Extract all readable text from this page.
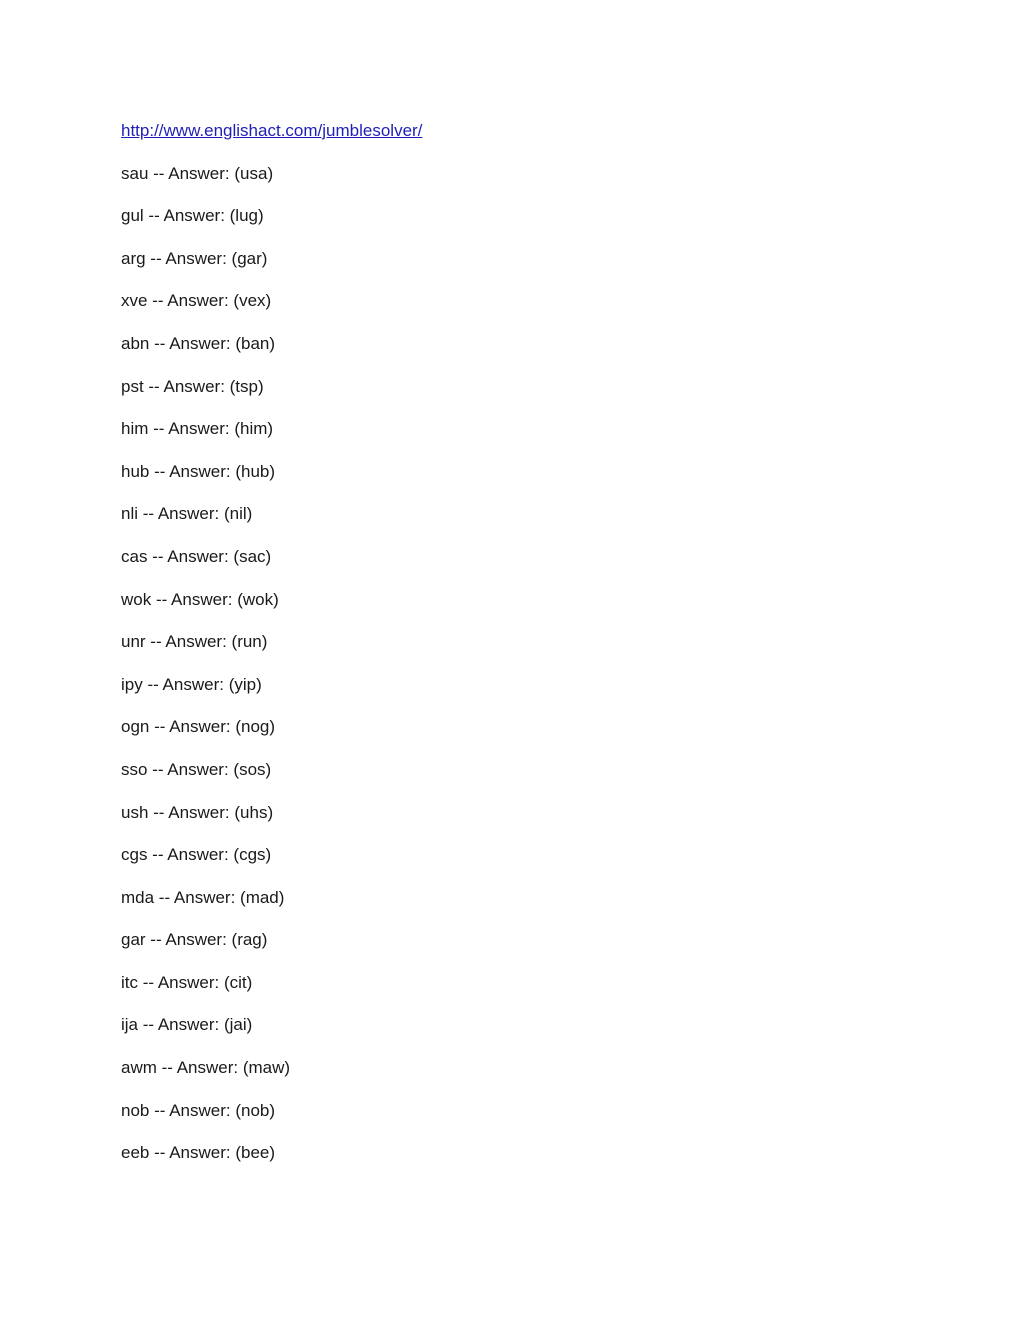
http://www.englishact.com/jumblesolver/
sau -- Answer: (usa)
gul -- Answer: (lug)
arg -- Answer: (gar)
xve -- Answer: (vex)
abn -- Answer: (ban)
pst -- Answer: (tsp)
him -- Answer: (him)
hub -- Answer: (hub)
nli -- Answer: (nil)
cas -- Answer: (sac)
wok -- Answer: (wok)
unr -- Answer: (run)
ipy -- Answer: (yip)
ogn -- Answer: (nog)
sso -- Answer: (sos)
ush -- Answer: (uhs)
cgs -- Answer: (cgs)
mda -- Answer: (mad)
gar -- Answer: (rag)
itc -- Answer: (cit)
ija -- Answer: (jai)
awm -- Answer: (maw)
nob -- Answer: (nob)
eeb -- Answer: (bee)
